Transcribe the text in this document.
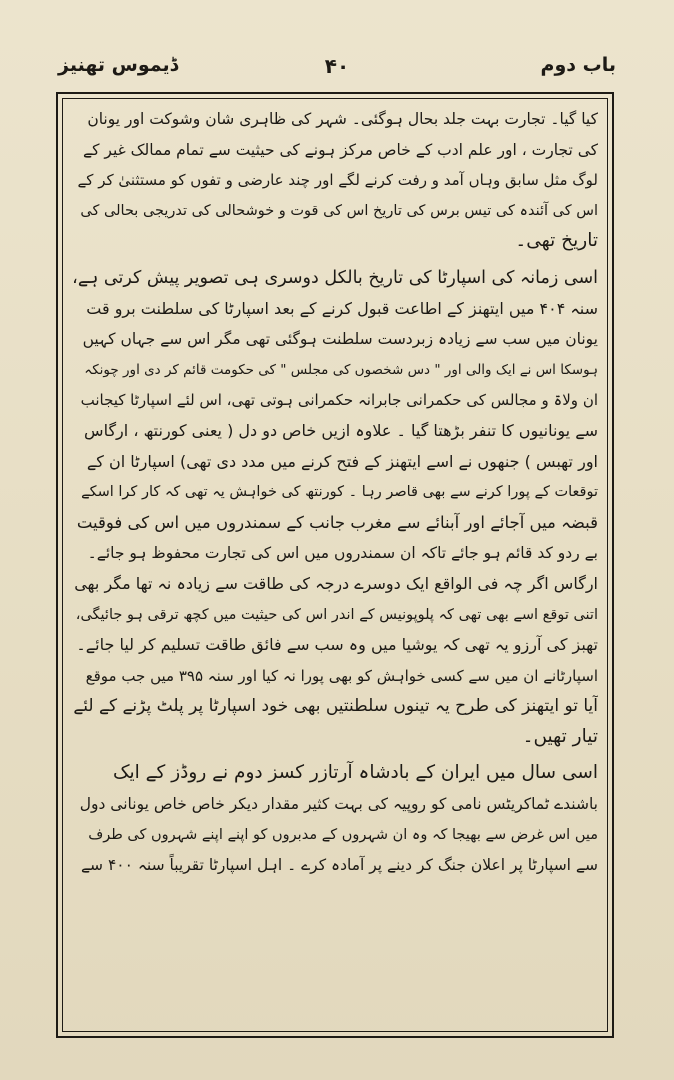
باب دوم
۴۰
ڈیموس تھنیز
کیا گیا۔ تجارت بہت جلد بحال ہوگئی۔ شہر کی ظاہری شان وشوکت اور یونان
کی تجارت ، اور علم ادب کے خاص مرکز ہونے کی حیثیت سے تمام ممالک غیر کے
لوگ مثل سابق وہاں آمد و رفت کرنے لگے اور چند عارضی و تفوں کو مستثنیٰ کر کے
اس کی آئندہ کی تیس برس کی تاریخ اس کی قوت و خوشحالی کی تدریجی بحالی کی
تاریخ تھی۔
اسی زمانہ کی اسپارٹا کی تاریخ بالکل دوسری ہی تصویر پیش کرتی ہے،
سنہ ۴۰۴ میں ایتھنز کے اطاعت قبول کرنے کے بعد اسپارٹا کی سلطنت برو قت
یونان میں سب سے زیادہ زبردست سلطنت ہوگئی تھی مگر اس سے جہاں کہیں
ہوسکا اس نے ایک والی اور " دس شخصوں کی مجلس " کی حکومت قائم کر دی اور چونکہ
ان ولاۃ و مجالس کی حکمرانی جابرانہ حکمرانی ہوتی تھی، اس لئے اسپارٹا کیجانب
سے یونانیوں کا تنفر بڑھتا گیا ۔ علاوہ ازیں خاص دو دل ( یعنی کورنتھ ، ارگاس
اور تھبس ) جنھوں نے اسے ایتھنز کے فتح کرنے میں مدد دی تھی) اسپارٹا ان کے
توقعات کے پورا کرنے سے بھی قاصر رہا ۔ کورنتھ کی خواہش یہ تھی کہ کار کرا اسکے
قبضہ میں آجائے اور آبنائے سے مغرب جانب کے سمندروں میں اس کی فوقیت
بے ردو کد قائم ہو جائے تاکہ ان سمندروں میں اس کی تجارت محفوظ ہو جائے۔
ارگاس اگر چہ فی الواقع ایک دوسرے درجہ کی طاقت سے زیادہ نہ تھا مگر بھی
اتنی توقع اسے بھی تھی کہ پلوپونیس کے اندر اس کی حیثیت میں کچھ ترقی ہو جائیگی،
تھبز کی آرزو یہ تھی کہ یوشیا میں وہ سب سے فائق طاقت تسلیم کر لیا جائے۔
اسپارٹانے ان میں سے کسی خواہش کو بھی پورا نہ کیا اور سنہ ۳۹۵ میں جب موقع
آیا تو ایتھنز کی طرح یہ تینوں سلطنتیں بھی خود اسپارٹا پر پلٹ پڑنے کے لئے
تیار تھیں۔
اسی سال میں ایران کے بادشاہ آرتازر کسز دوم نے روڈز کے ایک
باشندے ٹماکریٹس نامی کو روپیہ کی بہت کثیر مقدار دیکر خاص خاص یونانی دول
میں اس غرض سے بھیجا کہ وہ ان شہروں کے مدبروں کو اپنے اپنے شہروں کی طرف
سے اسپارٹا پر اعلان جنگ کر دینے پر آمادہ کرے ۔ اہل اسپارٹا تقریباً سنہ ۴۰۰ سے
